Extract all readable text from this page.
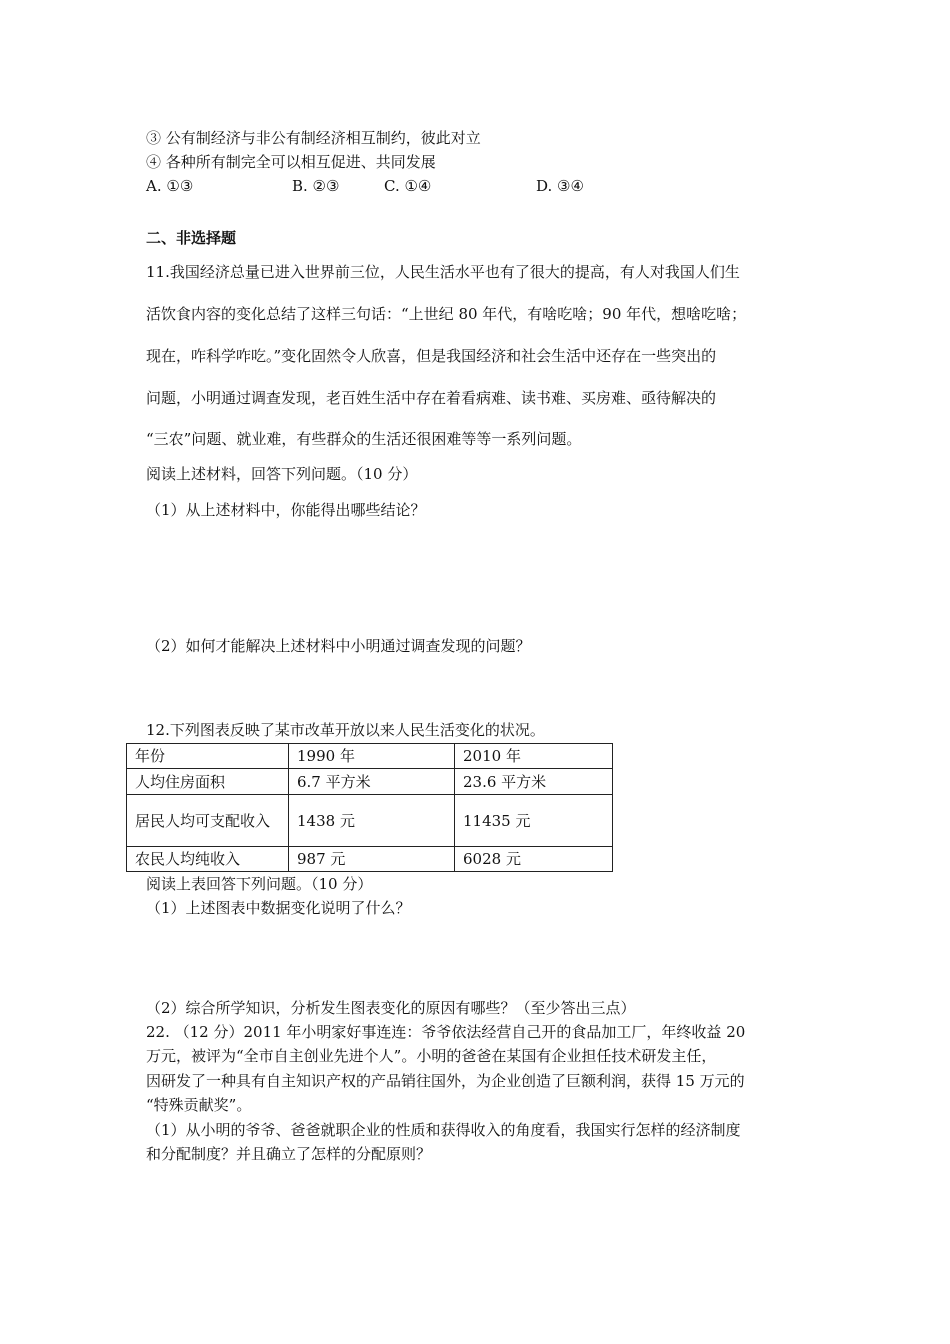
③ 公有制经济与非公有制经济相互制约，彼此对立
④ 各种所有制完全可以相互促进、共同发展
A. ①③	B. ②③	C. ①④	D. ③④
二、非选择题
11.我国经济总量已进入世界前三位，人民生活水平也有了很大的提高，有人对我国人们生
活饮食内容的变化总结了这样三句话：“上世纪 80 年代，有啥吃啥；90 年代，想啥吃啥；
现在，咋科学咋吃。”变化固然令人欣喜，但是我国经济和社会生活中还存在一些突出的
问题，小明通过调查发现，老百姓生活中存在着看病难、读书难、买房难、亟待解决的
“三农”问题、就业难，有些群众的生活还很困难等等一系列问题。
阅读上述材料，回答下列问题。（10 分）
（1）从上述材料中，你能得出哪些结论？
（2）如何才能解决上述材料中小明通过调查发现的问题？
12.下列图表反映了某市改革开放以来人民生活变化的状况。
年份	1990 年	2010 年
人均住房面积	6.7 平方米	23.6 平方米
居民人均可支配收入	1438 元	11435 元
农民人均纯收入	987 元	6028 元
阅读上表回答下列问题。（10 分）
（1）上述图表中数据变化说明了什么？
（2）综合所学知识，分析发生图表变化的原因有哪些？（至少答出三点）
22. （12 分）2011 年小明家好事连连：爷爷依法经营自己开的食品加工厂，年终收益 20
万元，被评为“全市自主创业先进个人”。小明的爸爸在某国有企业担任技术研发主任，
因研发了一种具有自主知识产权的产品销往国外，为企业创造了巨额利润，获得 15 万元的
“特殊贡献奖”。
（1）从小明的爷爷、爸爸就职企业的性质和获得收入的角度看，我国实行怎样的经济制度
和分配制度？并且确立了怎样的分配原则？
